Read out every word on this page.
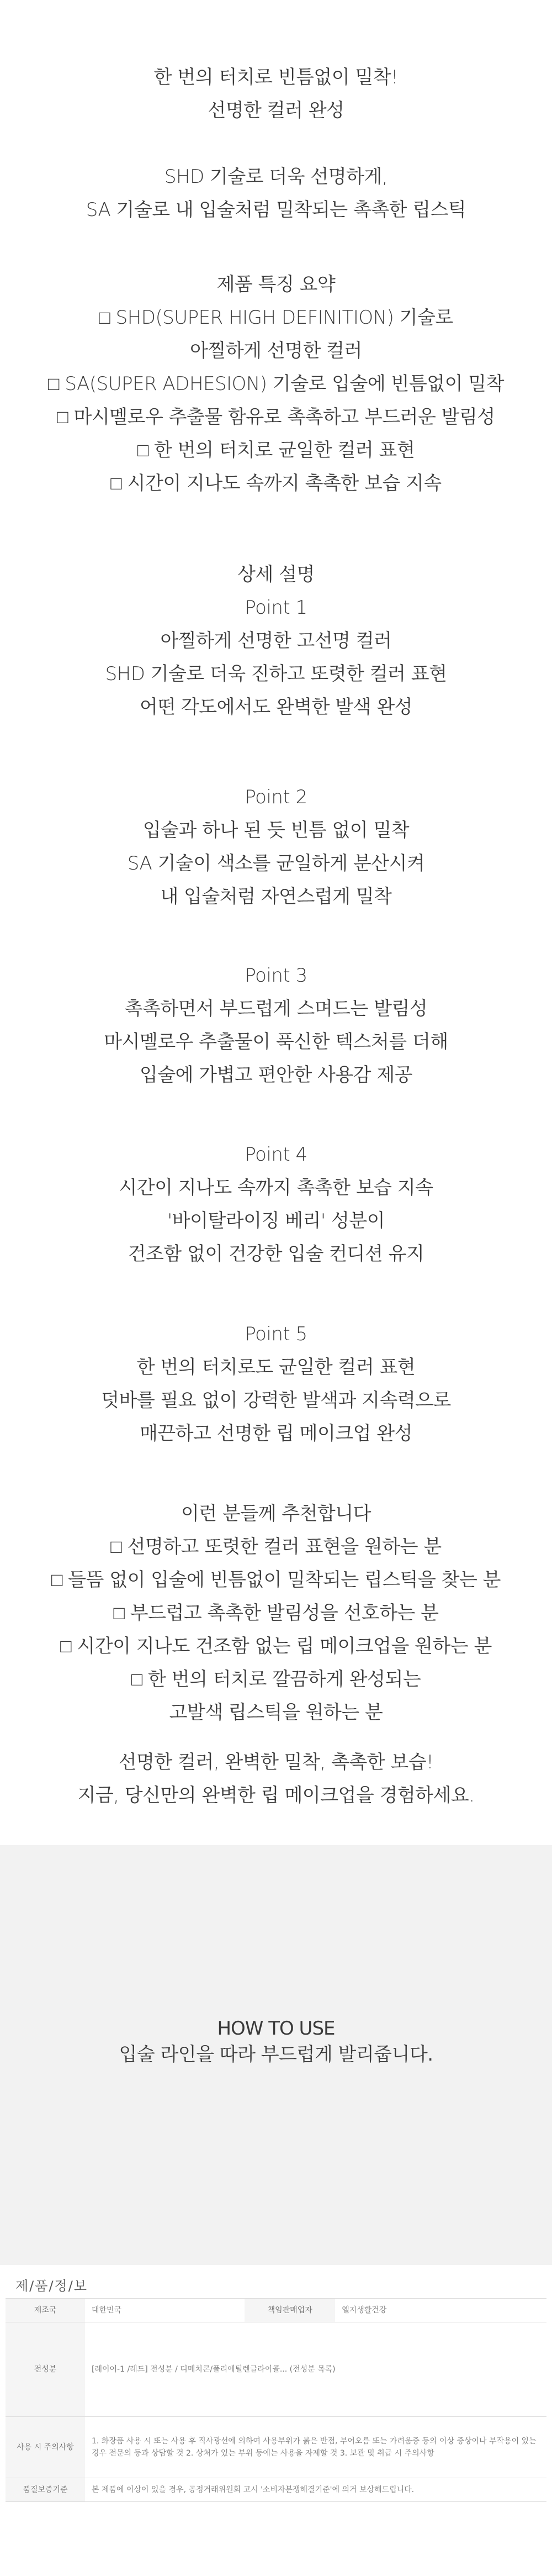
한 번의 터치로 빈틈없이 밀착!
선명한 컬러 완성
SHD 기술로 더욱 선명하게,
SA 기술로 내 입술처럼 밀착되는 촉촉한 립스틱
제품 특징 요약
□ SHD(SUPER HIGH DEFINITION) 기술로
아찔하게 선명한 컬러
□ SA(SUPER ADHESION) 기술로 입술에 빈틈없이 밀착
□ 마시멜로우 추출물 함유로 촉촉하고 부드러운 발림성
□ 한 번의 터치로 균일한 컬러 표현
□ 시간이 지나도 속까지 촉촉한 보습 지속
상세 설명
Point 1
아찔하게 선명한 고선명 컬러
SHD 기술로 더욱 진하고 또렷한 컬러 표현
어떤 각도에서도 완벽한 발색 완성
Point 2
입술과 하나 된 듯 빈틈 없이 밀착
SA 기술이 색소를 균일하게 분산시켜
내 입술처럼 자연스럽게 밀착
Point 3
촉촉하면서 부드럽게 스며드는 발림성
마시멜로우 추출물이 푹신한 텍스처를 더해
입술에 가볍고 편안한 사용감 제공
Point 4
시간이 지나도 속까지 촉촉한 보습 지속
'바이탈라이징 베리' 성분이
건조함 없이 건강한 입술 컨디션 유지
Point 5
한 번의 터치로도 균일한 컬러 표현
덧바를 필요 없이 강력한 발색과 지속력으로
매끈하고 선명한 립 메이크업 완성
이런 분들께 추천합니다
□ 선명하고 또렷한 컬러 표현을 원하는 분
□ 들뜸 없이 입술에 빈틈없이 밀착되는 립스틱을 찾는 분
□ 부드럽고 촉촉한 발림성을 선호하는 분
□ 시간이 지나도 건조함 없는 립 메이크업을 원하는 분
□ 한 번의 터치로 깔끔하게 완성되는
고발색 립스틱을 원하는 분
선명한 컬러, 완벽한 밀착, 촉촉한 보습!
지금, 당신만의 완벽한 립 메이크업을 경험하세요.
HOW TO USE
입술 라인을 따라 부드럽게 발리줍니다.
제/품/정/보
제조국	대한민국	책임판매업자	엘지생활건강
전성분	[레이어-1 /레드] 전성분 / 디메치콘/폴리에틸렌글라이콜... (전성분 목록)		
사용 시 주의사항	1. 화장품 사용 시 또는 사용 후 직사광선에 의하여 사용부위가 붉은 반점, 부어오름 또는 가려움증 등의 이상 증상이나 부작용이 있는 경우 전문의 등과 상담할 것 2. 상처가 있는 부위 등에는 사용을 자제할 것 3. 보관 및 취급 시 주의사항		
품질보증기준	본 제품에 이상이 있을 경우, 공정거래위원회 고시 '소비자분쟁해결기준'에 의거 보상해드립니다.		
